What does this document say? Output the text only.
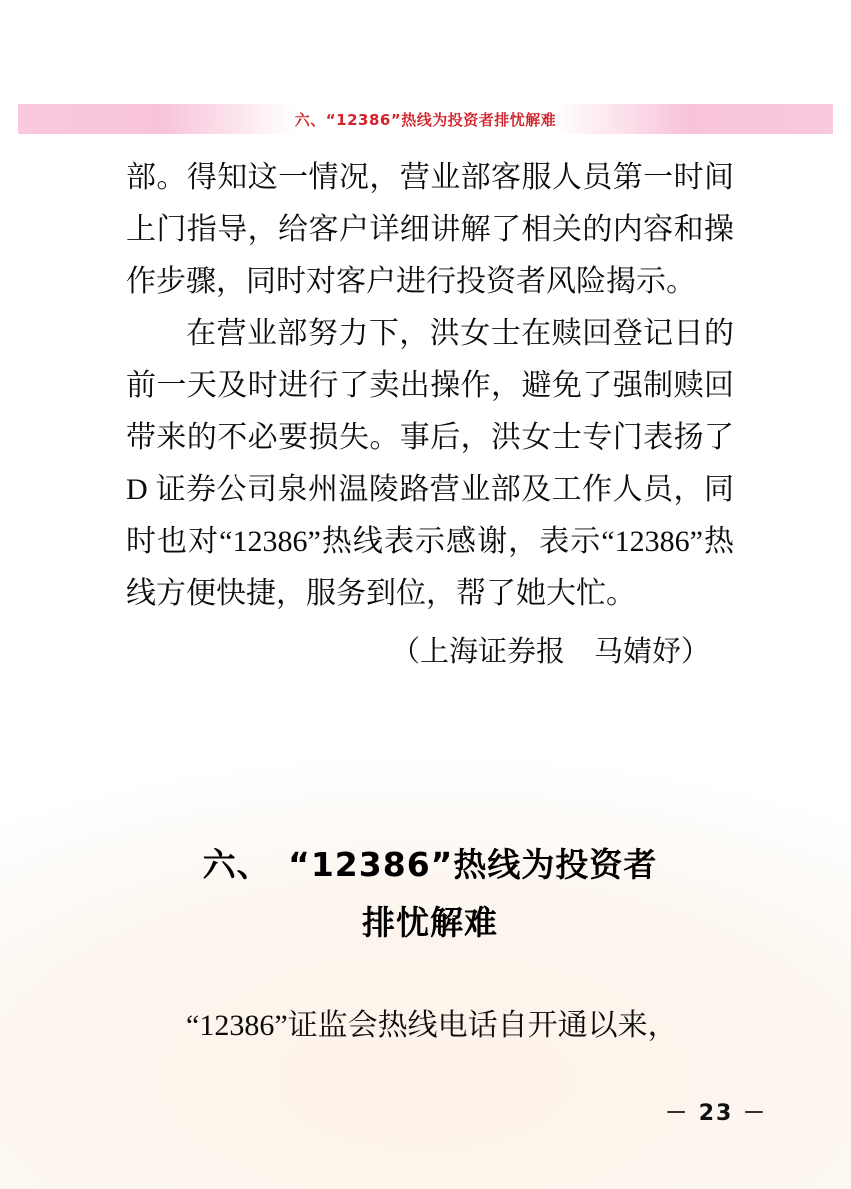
六、“12386”热线为投资者排忧解难

部。得知这一情况，营业部客服人员第一时间上门指导，给客户详细讲解了相关的内容和操作步骤，同时对客户进行投资者风险揭示。

在营业部努力下，洪女士在赎回登记日的前一天及时进行了卖出操作，避免了强制赎回带来的不必要损失。事后，洪女士专门表扬了 D 证券公司泉州温陵路营业部及工作人员，同时也对“12386”热线表示感谢，表示“12386”热线方便快捷，服务到位，帮了她大忙。

（上海证券报　马婧妤）
六、　“12386”热线为投资者
排忧解难

“12386”证监会热线电话自开通以来，

－ 23 －
